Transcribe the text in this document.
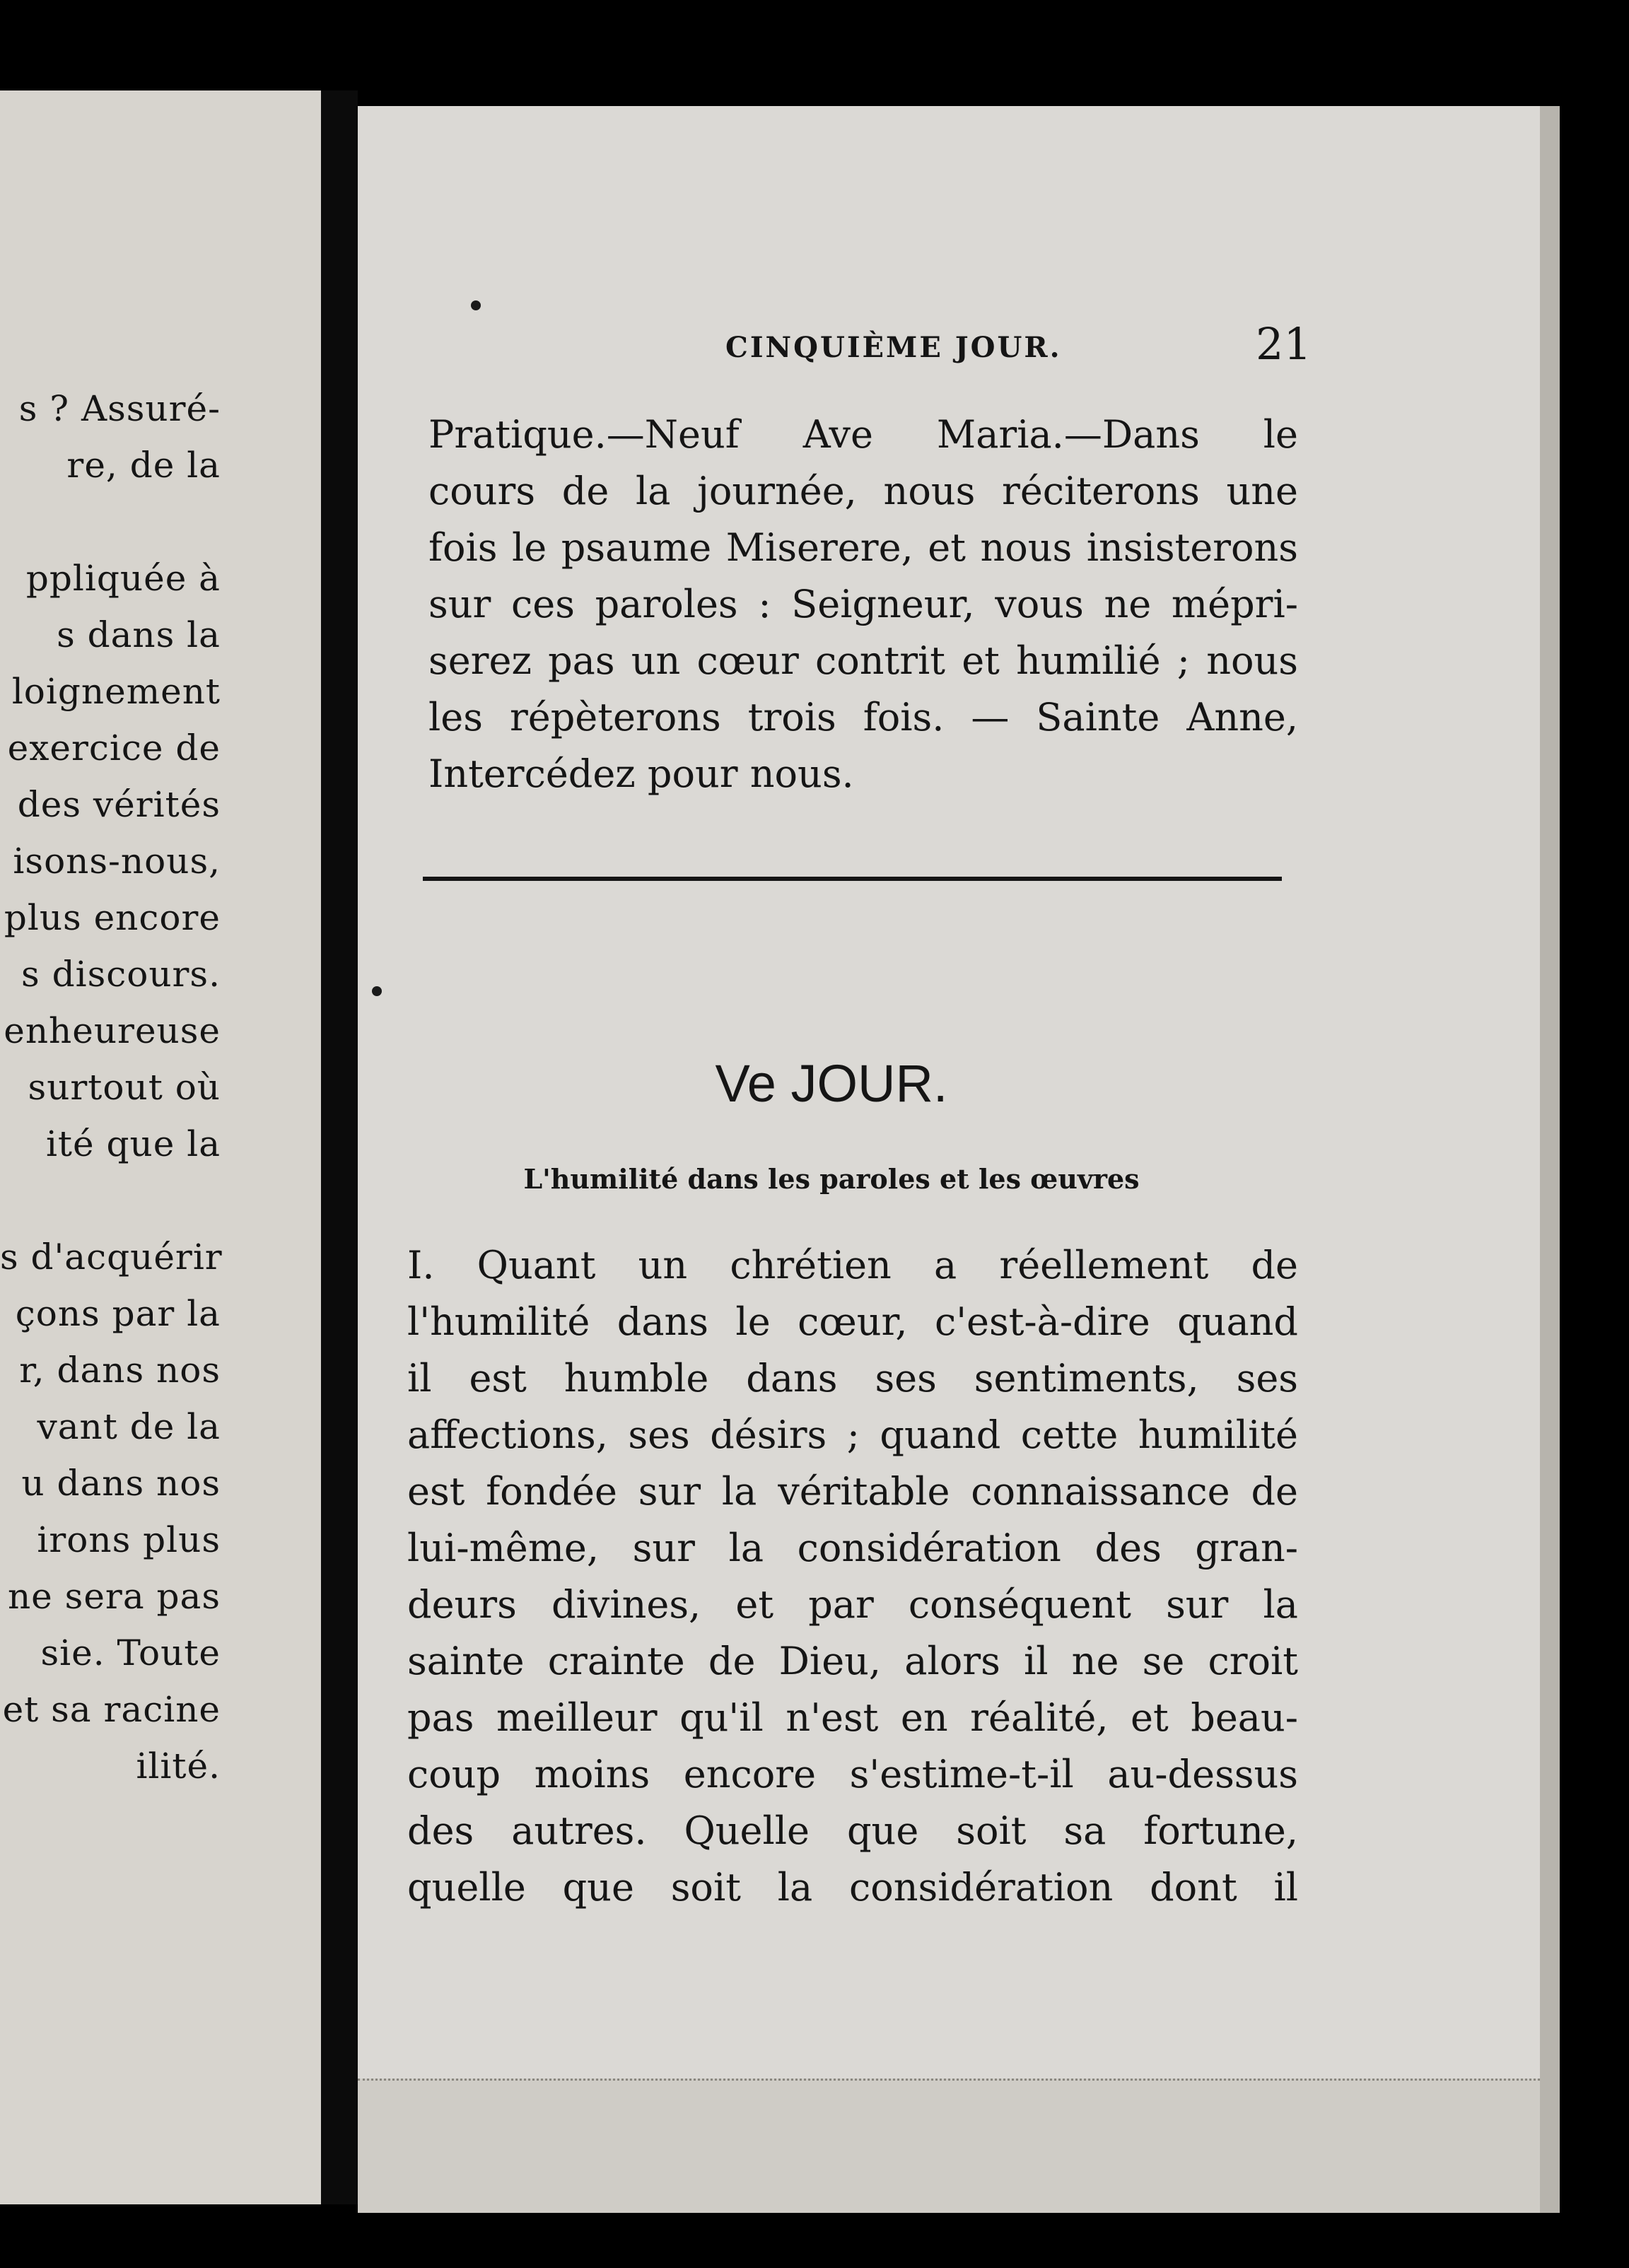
s ? Assuré-
re, de la
ppliquée à
s dans la
loignement
exercice de
des vérités
isons-nous,
plus encore
s discours.
enheureuse
surtout où
ité que la
s d'acquérir
çons par la
r, dans nos
vant de la
u dans nos
irons plus
ne sera pas
sie. Toute
et sa racine
ilité.
CINQUIÈME JOUR.	21
Pratique.—Neuf Ave Maria.—Dans le
cours de la journée, nous réciterons une
fois le psaume Miserere, et nous insisterons
sur ces paroles : Seigneur, vous ne mépri-
serez pas un cœur contrit et humilié ; nous
les répèterons trois fois. — Sainte Anne,
Intercédez pour nous.
Ve JOUR.
L'humilité dans les paroles et les œuvres
I. Quant un chrétien a réellement de
l'humilité dans le cœur, c'est-à-dire quand
il est humble dans ses sentiments, ses
affections, ses désirs ; quand cette humilité
est fondée sur la véritable connaissance de
lui-même, sur la considération des gran-
deurs divines, et par conséquent sur la
sainte crainte de Dieu, alors il ne se croit
pas meilleur qu'il n'est en réalité, et beau-
coup moins encore s'estime-t-il au-dessus
des autres. Quelle que soit sa fortune,
quelle que soit la considération dont il
